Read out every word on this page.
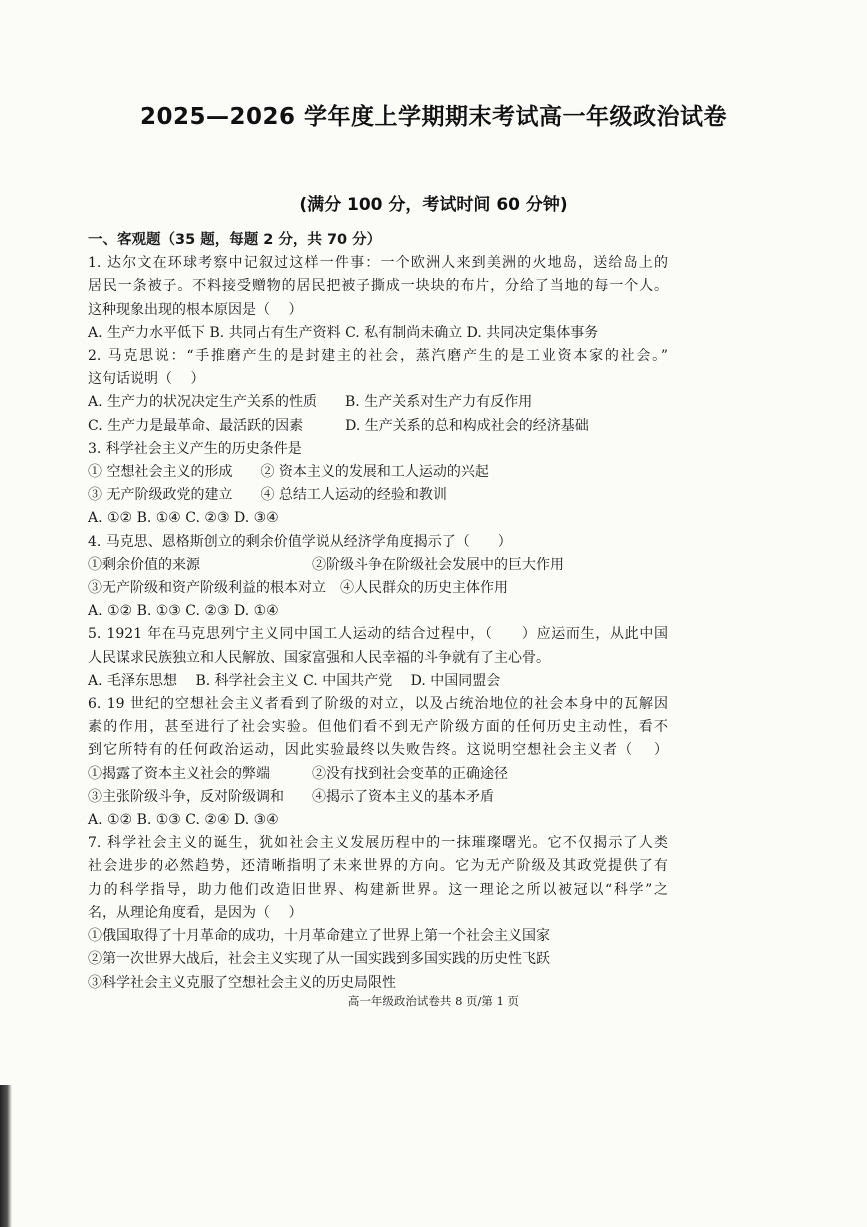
2025—2026 学年度上学期期末考试高一年级政治试卷
(满分 100 分，考试时间 60 分钟)
一、客观题（35 题，每题 2 分，共 70 分）
1. 达尔文在环球考察中记叙过这样一件事：一个欧洲人来到美洲的火地岛，送给岛上的
居民一条被子。不料接受赠物的居民把被子撕成一块块的布片，分给了当地的每一个人。
这种现象出现的根本原因是（　 ）
A. 生产力水平低下 B. 共同占有生产资料 C. 私有制尚未确立 D. 共同决定集体事务
2. 马克思说：“手推磨产生的是封建主的社会，蒸汽磨产生的是工业资本家的社会。”
这句话说明（　 ）
A. 生产力的状况决定生产关系的性质　　B. 生产关系对生产力有反作用
C. 生产力是最革命、最活跃的因素　　　D. 生产关系的总和构成社会的经济基础
3. 科学社会主义产生的历史条件是
① 空想社会主义的形成　　② 资本主义的发展和工人运动的兴起
③ 无产阶级政党的建立　　④ 总结工人运动的经验和教训
A. ①② B. ①④ C. ②③ D. ③④
4. 马克思、恩格斯创立的剩余价值学说从经济学角度揭示了（　　）
①剩余价值的来源　　　　　　　　②阶级斗争在阶级社会发展中的巨大作用
③无产阶级和资产阶级利益的根本对立　④人民群众的历史主体作用
A. ①② B. ①③ C. ②③ D. ①④
5. 1921 年在马克思列宁主义同中国工人运动的结合过程中，（　　）应运而生，从此中国
人民谋求民族独立和人民解放、国家富强和人民幸福的斗争就有了主心骨。
A. 毛泽东思想　 B. 科学社会主义 C. 中国共产党　 D. 中国同盟会
6. 19 世纪的空想社会主义者看到了阶级的对立，以及占统治地位的社会本身中的瓦解因
素的作用，甚至进行了社会实验。但他们看不到无产阶级方面的任何历史主动性，看不
到它所特有的任何政治运动，因此实验最终以失败告终。这说明空想社会主义者（　 ）
①揭露了资本主义社会的弊端　　　②没有找到社会变革的正确途径
③主张阶级斗争，反对阶级调和　　④揭示了资本主义的基本矛盾
A. ①② B. ①③ C. ②④ D. ③④
7. 科学社会主义的诞生，犹如社会主义发展历程中的一抹璀璨曙光。它不仅揭示了人类
社会进步的必然趋势，还清晰指明了未来世界的方向。它为无产阶级及其政党提供了有
力的科学指导，助力他们改造旧世界、构建新世界。这一理论之所以被冠以“科学”之
名，从理论角度看，是因为（　 ）
①俄国取得了十月革命的成功，十月革命建立了世界上第一个社会主义国家
②第一次世界大战后，社会主义实现了从一国实践到多国实践的历史性飞跃
③科学社会主义克服了空想社会主义的历史局限性
高一年级政治试卷共 8 页/第 1 页
